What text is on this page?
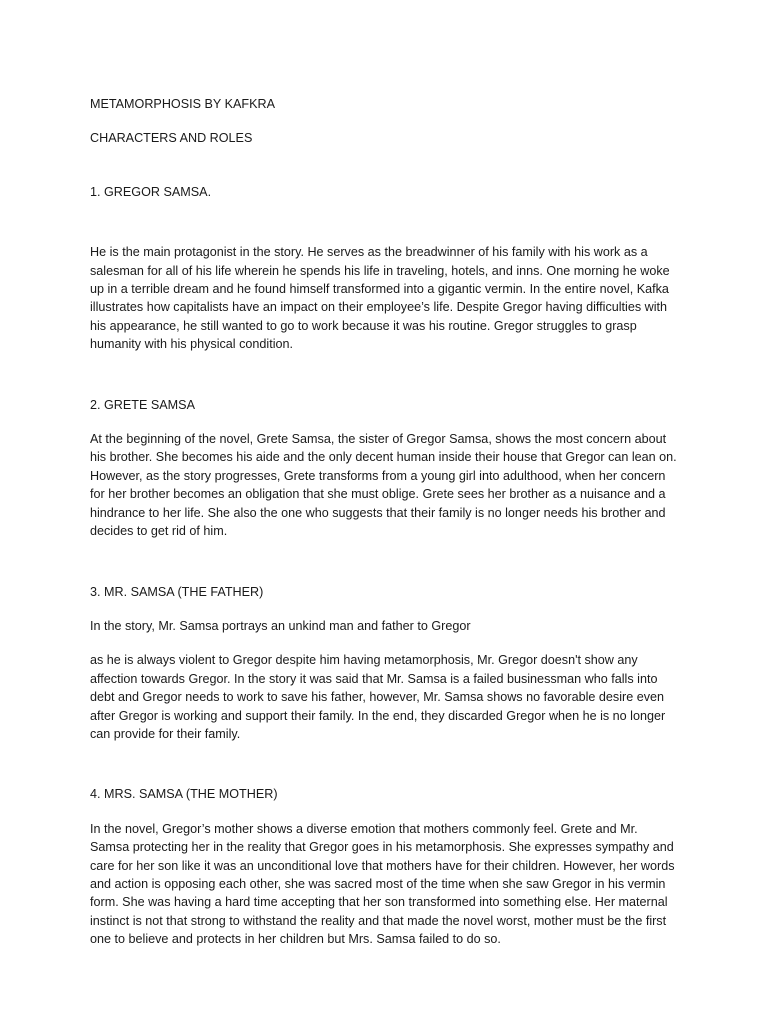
METAMORPHOSIS BY KAFKRA

CHARACTERS AND ROLES

1. GREGOR SAMSA.

He is the main protagonist in the story. He serves as the breadwinner of his family with his work as a salesman for all of his life wherein he spends his life in traveling, hotels, and inns. One morning he woke up in a terrible dream and he found himself transformed into a gigantic vermin. In the entire novel, Kafka illustrates how capitalists have an impact on their employee’s life. Despite Gregor having difficulties with his appearance, he still wanted to go to work because it was his routine. Gregor struggles to grasp humanity with his physical condition.

2. GRETE SAMSA

At the beginning of the novel, Grete Samsa, the sister of Gregor Samsa, shows the most concern about his brother. She becomes his aide and the only decent human inside their house that Gregor can lean on. However, as the story progresses, Grete transforms from a young girl into adulthood, when her concern for her brother becomes an obligation that she must oblige. Grete sees her brother as a nuisance and a hindrance to her life. She also the one who suggests that their family is no longer needs his brother and decides to get rid of him.

3. MR. SAMSA (THE FATHER)

In the story, Mr. Samsa portrays an unkind man and father to Gregor

as he is always violent to Gregor despite him having metamorphosis, Mr. Gregor doesn't show any affection towards Gregor. In the story it was said that Mr. Samsa is a failed businessman who falls into debt and Gregor needs to work to save his father, however, Mr. Samsa shows no favorable desire even after Gregor is working and support their family. In the end, they discarded Gregor when he is no longer can provide for their family.

4. MRS. SAMSA (THE MOTHER)

In the novel, Gregor’s mother shows a diverse emotion that mothers commonly feel. Grete and Mr. Samsa protecting her in the reality that Gregor goes in his metamorphosis. She expresses sympathy and care for her son like it was an unconditional love that mothers have for their children. However, her words and action is opposing each other, she was sacred most of the time when she saw Gregor in his vermin form. She was having a hard time accepting that her son transformed into something else. Her maternal instinct is not that strong to withstand the reality and that made the novel worst, mother must be the first one to believe and protects in her children but Mrs. Samsa failed to do so.
